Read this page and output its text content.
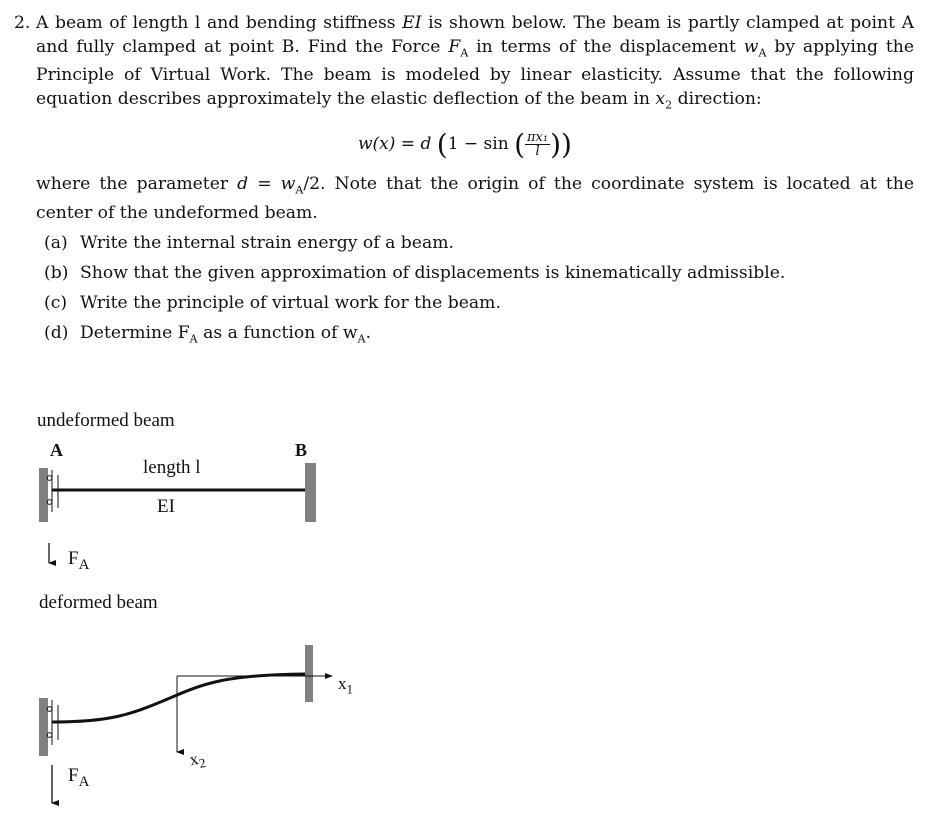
2. A beam of length l and bending stiffness EI is shown below. The beam is partly clamped at point A and fully clamped at point B. Find the Force $F_A$ in terms of the displacement $w_A$ by applying the Principle of Virtual Work. The beam is modeled by linear elasticity. Assume that the following equation describes approximately the elastic deflection of the beam in $x_2$ direction:
w(x) = d (1 − sin ( $\frac{\text{πx₁}}{l}$ ))
where the parameter $d = w_A/2$. Note that the origin of the coordinate system is located at the center of the undeformed beam.
(a) Write the internal strain energy of a beam.
(b) Show that the given approximation of displacements is kinematically admissible.
(c) Write the principle of virtual work for the beam.
(d) Determine $F_A$ as a function of $w_A$.
undeformed beam
A	B
length l
EI
$F_A$
deformed beam
$x_1$
$x_2$
$F_A$
